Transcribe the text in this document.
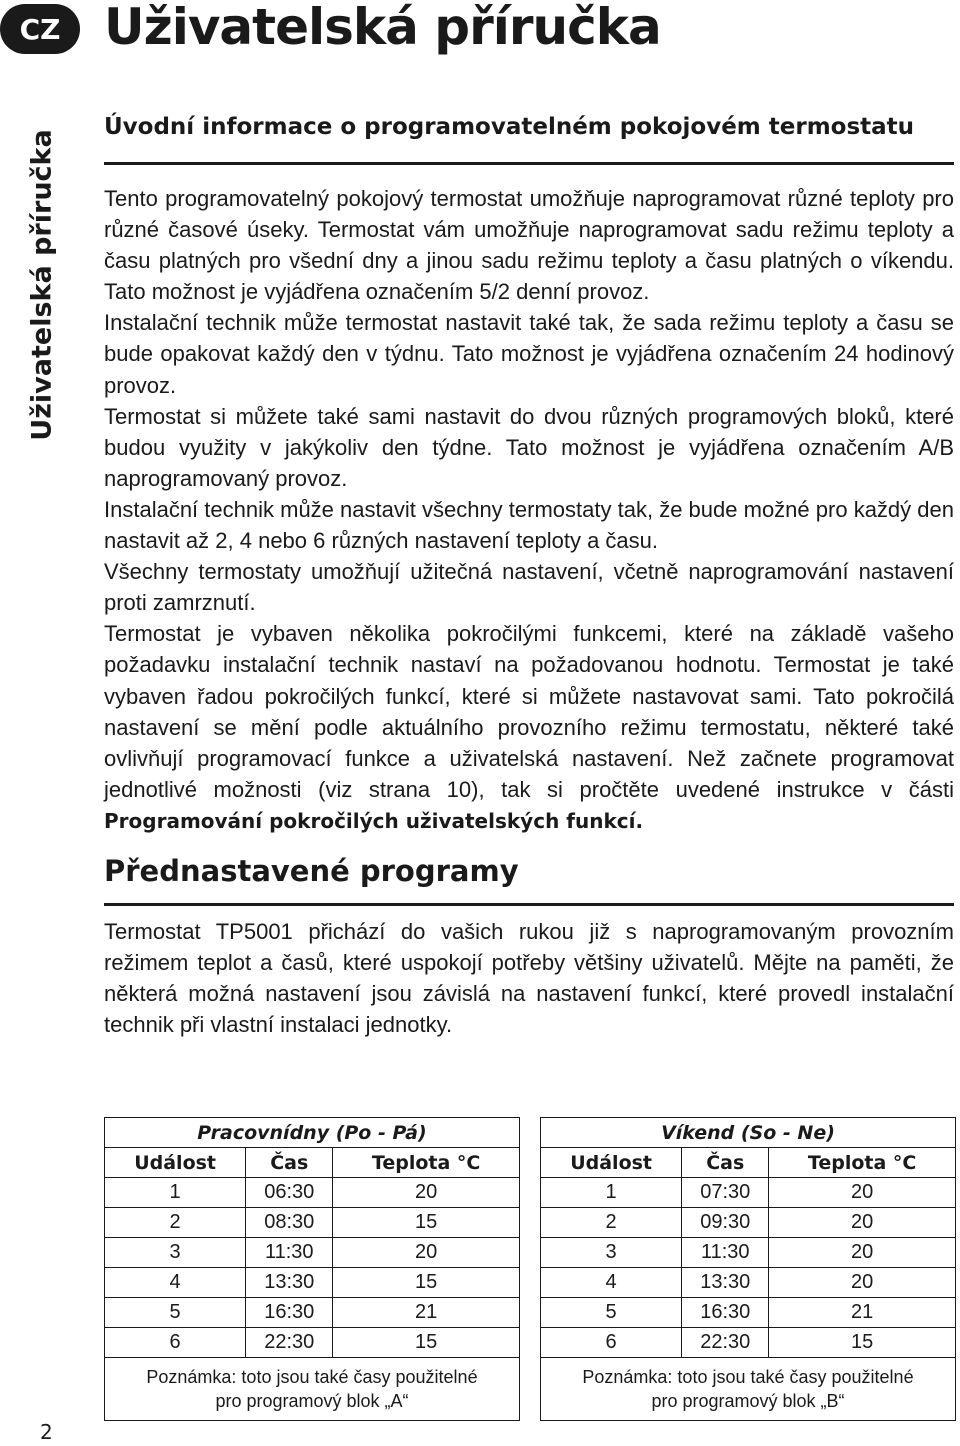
CZ Uživatelská příručka
Uživatelská příručka
2
Úvodní informace o programovatelném pokojovém termostatu

Tento programovatelný pokojový termostat umožňuje naprogramovat různé teploty pro různé časové úseky. Termostat vám umožňuje naprogramovat sadu režimu teploty a času platných pro všední dny a jinou sadu režimu teploty a času platných o víkendu. Tato možnost je vyjádřena označením 5/2 denní provoz.

Instalační technik může termostat nastavit také tak, že sada režimu teploty a času se bude opakovat každý den v týdnu. Tato možnost je vyjádřena označením 24 hodinový provoz.

Termostat si můžete také sami nastavit do dvou různých programových bloků, které budou využity v jakýkoliv den týdne. Tato možnost je vyjádřena označením A/B naprogramovaný provoz.

Instalační technik může nastavit všechny termostaty tak, že bude možné pro každý den nastavit až 2, 4 nebo 6 různých nastavení teploty a času.

Všechny termostaty umožňují užitečná nastavení, včetně naprogramování nastavení proti zamrznutí.

Termostat je vybaven několika pokročilými funkcemi, které na základě vašeho požadavku instalační technik nastaví na požadovanou hodnotu. Termostat je také vybaven řadou pokročilých funkcí, které si můžete nastavovat sami. Tato pokročilá nastavení se mění podle aktuálního provozního režimu termostatu, některé také ovlivňují programovací funkce a uživatelská nastavení. Než začnete programovat jednotlivé možnosti (viz strana 10), tak si pročtěte uvedené instrukce v části Programování pokročilých uživatelských funkcí.

Přednastavené programy

Termostat TP5001 přichází do vašich rukou již s naprogramovaným provozním režimem teplot a časů, které uspokojí potřeby většiny uživatelů. Mějte na paměti, že některá možná nastavení jsou závislá na nastavení funkcí, které provedl instalační technik při vlastní instalaci jednotky.

Pracovnídny (Po - Pá)		
Událost	Čas	Teplota °C
1	06:30	20
2	08:30	15
3	11:30	20
4	13:30	15
5	16:30	21
6	22:30	15
Poznámka: toto jsou také časy použitelné
pro programový blok „A“		
Víkend (So - Ne)		
Událost	Čas	Teplota °C
1	07:30	20
2	09:30	20
3	11:30	20
4	13:30	20
5	16:30	21
6	22:30	15
Poznámka: toto jsou také časy použitelné
pro programový blok „B“		
